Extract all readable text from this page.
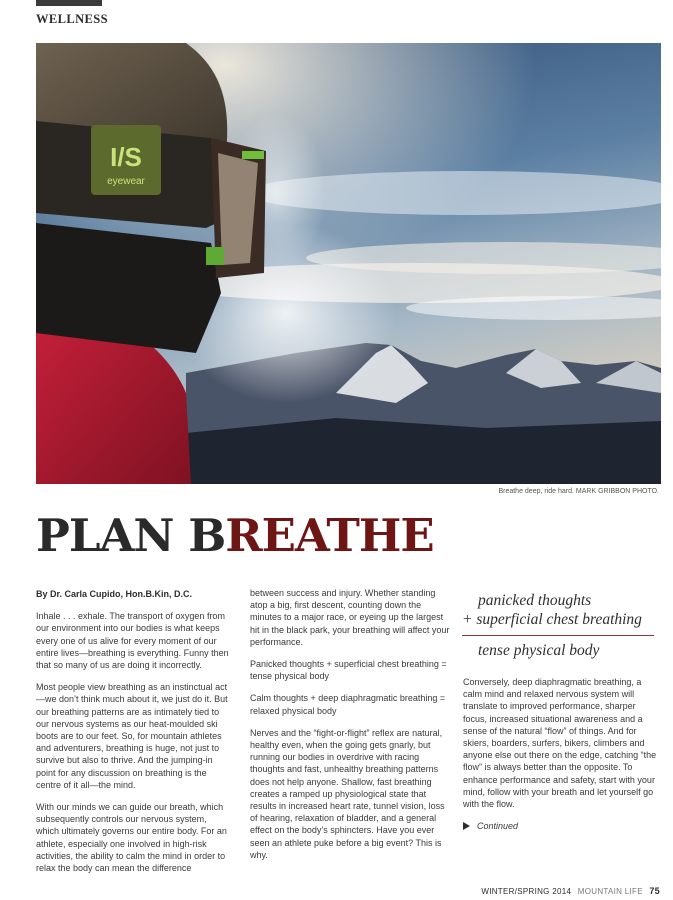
WELLNESS
I/S
eyewear
Breathe deep, ride hard. MARK GRIBBON PHOTO.
PLAN BREATHE

By Dr. Carla Cupido, Hon.B.Kin, D.C.

Inhale . . . exhale. The transport of oxygen from our environment into our bodies is what keeps every one of us alive for every moment of our entire lives—breathing is everything. Funny then that so many of us are doing it incorrectly.

Most people view breathing as an instinctual act—we don’t think much about it, we just do it. But our breathing patterns are as intimately tied to our nervous systems as our heat-moulded ski boots are to our feet. So, for mountain athletes and adventurers, breathing is huge, not just to survive but also to thrive. And the jumping-in point for any discussion on breathing is the centre of it all—the mind.

With our minds we can guide our breath, which subsequently controls our nervous system, which ultimately governs our entire body. For an athlete, especially one involved in high-risk activities, the ability to calm the mind in order to relax the body can mean the difference

between success and injury. Whether standing atop a big, first descent, counting down the minutes to a major race, or eyeing up the largest hit in the black park, your breathing will affect your performance.

Panicked thoughts + superficial chest breathing = tense physical body

Calm thoughts + deep diaphragmatic breathing = relaxed physical body

Nerves and the “fight-or-flight” reflex are natural, healthy even, when the going gets gnarly, but running our bodies in overdrive with racing thoughts and fast, unhealthy breathing patterns does not help anyone. Shallow, fast breathing creates a ramped up physiological state that results in increased heart rate, tunnel vision, loss of hearing, relaxation of bladder, and a general effect on the body’s sphincters. Have you ever seen an athlete puke before a big event? This is why.

panicked thoughts
+ superficial chest breathing
tense physical body

Conversely, deep diaphragmatic breathing, a calm mind and relaxed nervous system will translate to improved performance, sharper focus, increased situational awareness and a sense of the natural “flow” of things. And for skiers, boarders, surfers, bikers, climbers and anyone else out there on the edge, catching “the flow” is always better than the opposite. To enhance performance and safety, start with your mind, follow with your breath and let yourself go with the flow.

Continued

WINTER/SPRING 2014 MOUNTAIN LIFE 75
